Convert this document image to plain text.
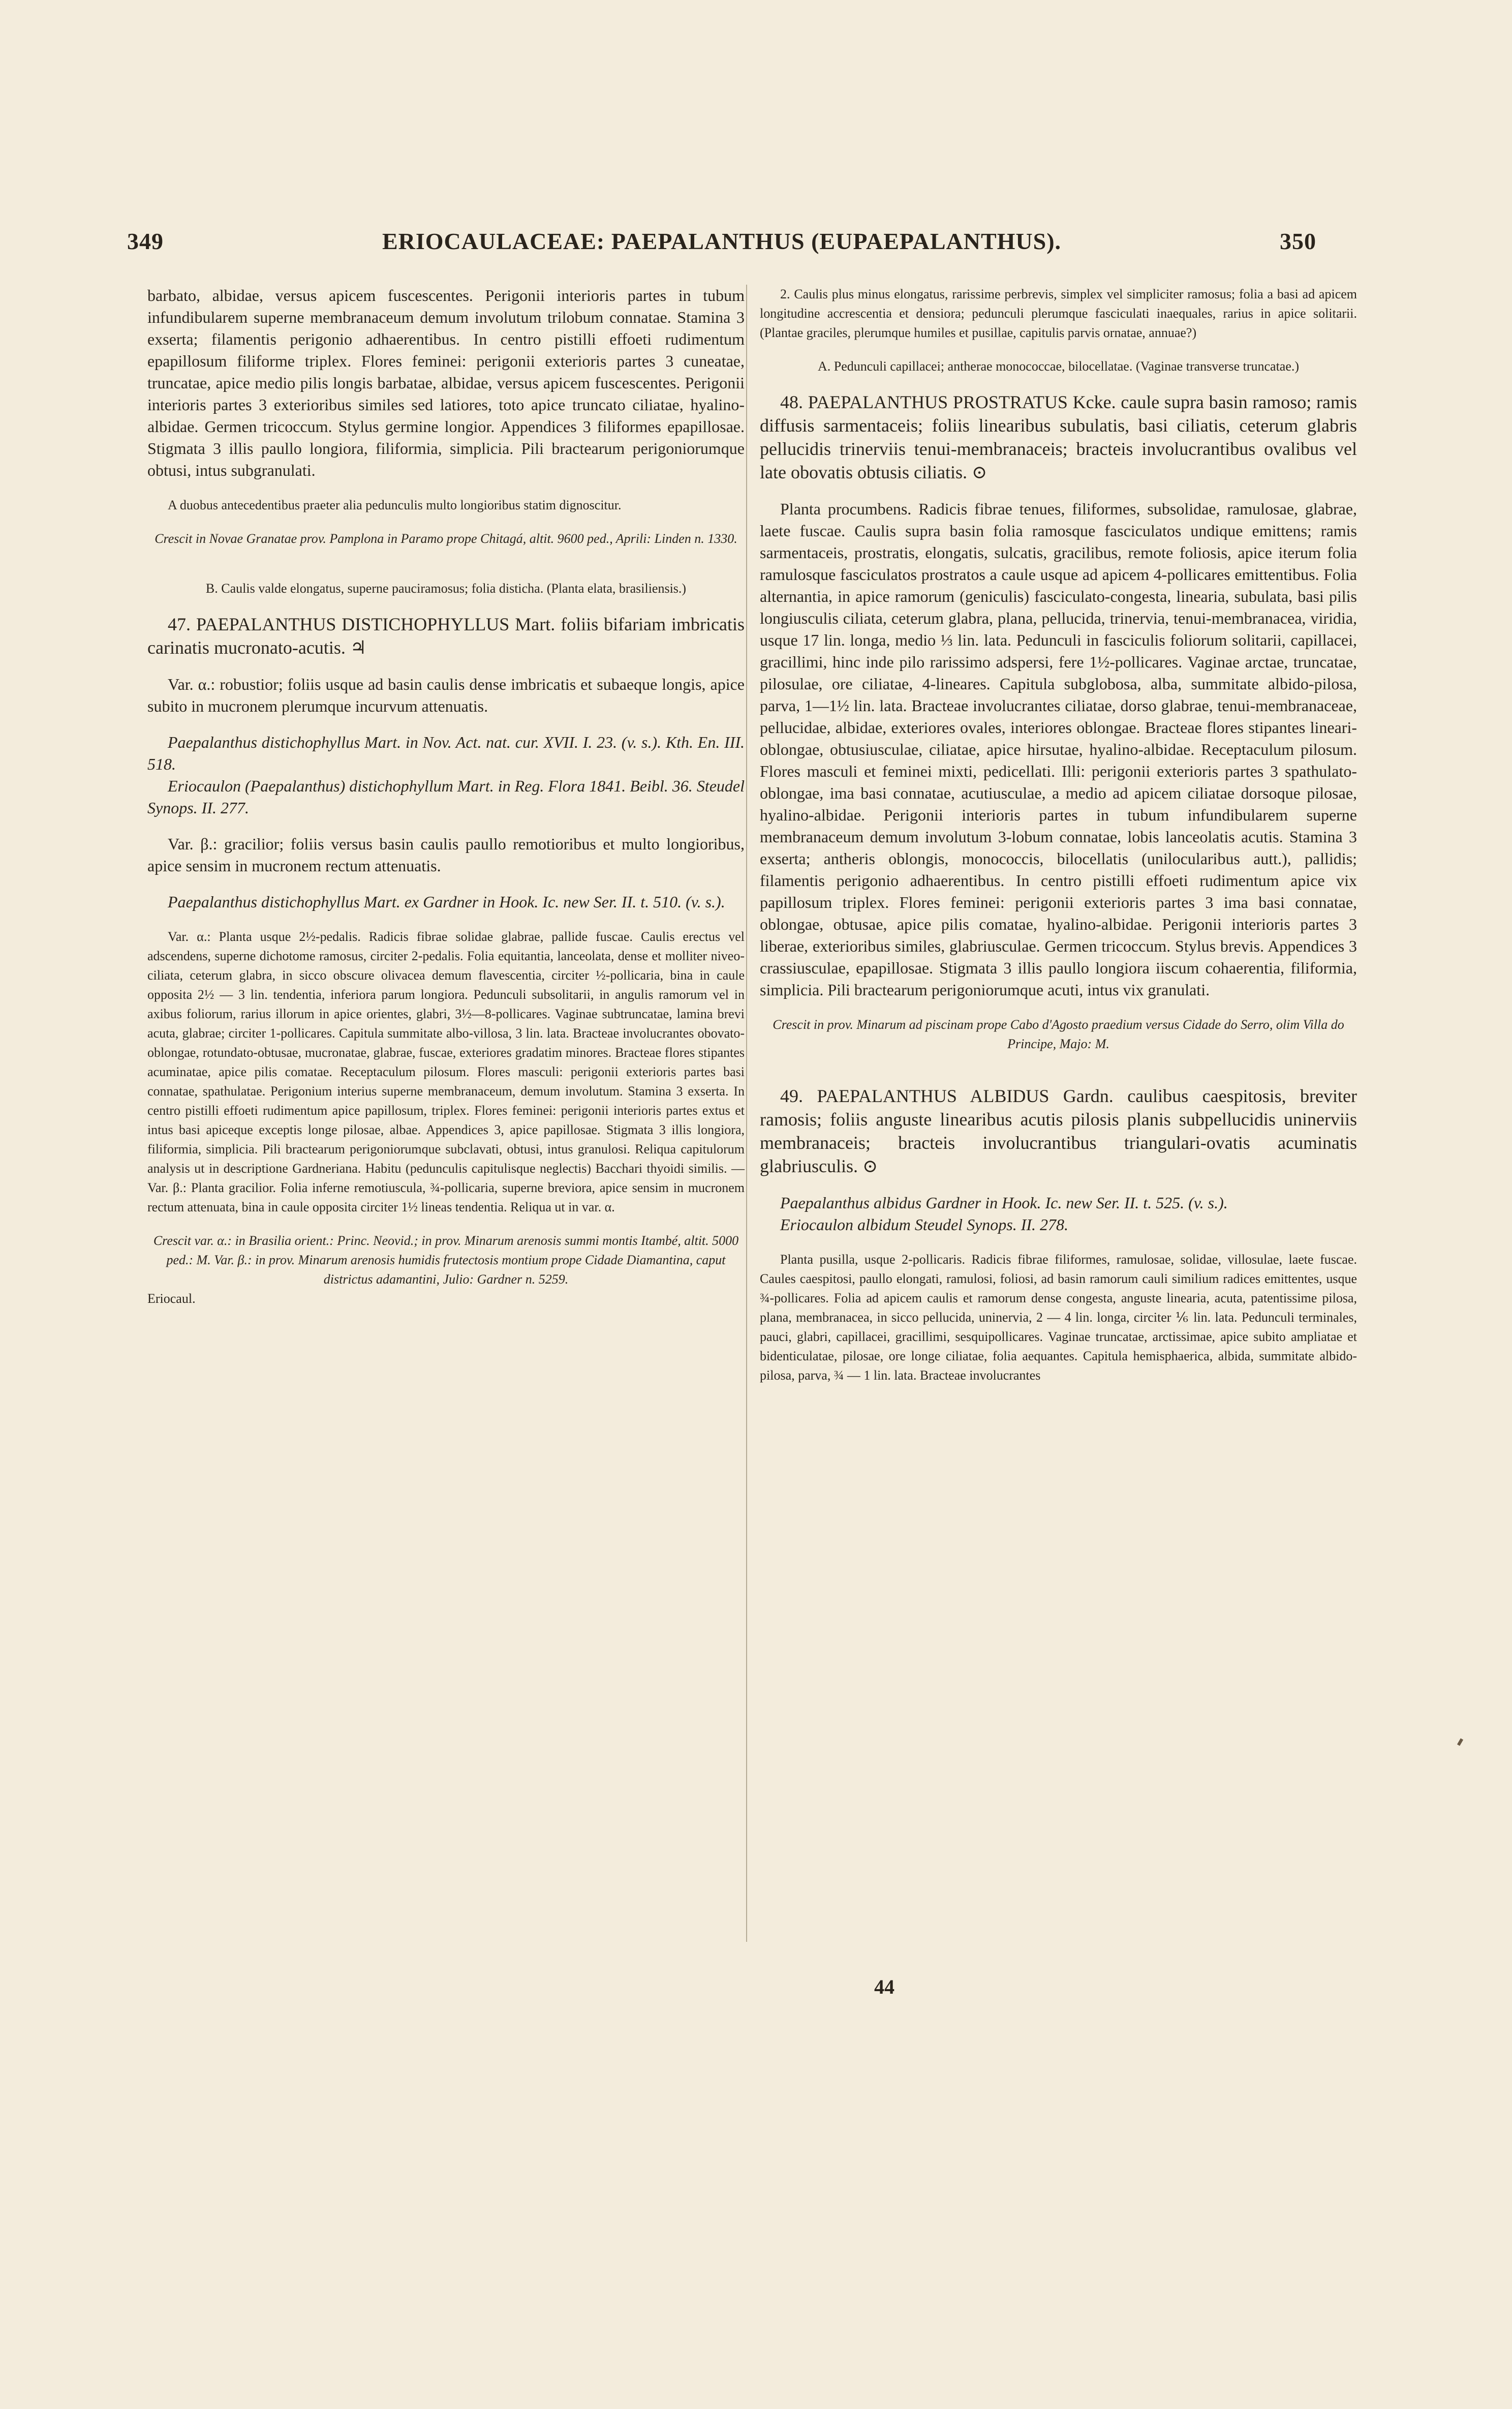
349	ERIOCAULACEAE: PAEPALANTHUS (EUPAEPALANTHUS).	350

barbato, albidae, versus apicem fuscescentes. Perigonii interioris partes in tubum infundibularem superne membranaceum demum involutum trilobum connatae. Stamina 3 exserta; filamentis perigonio adhaerentibus. In centro pistilli effoeti rudimentum epapillosum filiforme triplex. Flores feminei: perigonii exterioris partes 3 cuneatae, truncatae, apice medio pilis longis barbatae, albidae, versus apicem fuscescentes. Perigonii interioris partes 3 exterioribus similes sed latiores, toto apice truncato ciliatae, hyalino-albidae. Germen tricoccum. Stylus germine longior. Appendices 3 filiformes epapillosae. Stigmata 3 illis paullo longiora, filiformia, simplicia. Pili bractearum perigoniorumque obtusi, intus subgranulati.

A duobus antecedentibus praeter alia pedunculis multo longioribus statim dignoscitur.

Crescit in Novae Granatae prov. Pamplona in Paramo prope Chitagá, altit. 9600 ped., Aprili: Linden n. 1330.

B. Caulis valde elongatus, superne pauciramosus; folia disticha. (Planta elata, brasiliensis.)

47. PAEPALANTHUS DISTICHOPHYLLUS Mart. foliis bifariam imbricatis carinatis mucronato-acutis. ♃

Var. α.: robustior; foliis usque ad basin caulis dense imbricatis et subaeque longis, apice subito in mucronem plerumque incurvum attenuatis.

Paepalanthus distichophyllus Mart. in Nov. Act. nat. cur. XVII. I. 23. (v. s.). Kth. En. III. 518.

Eriocaulon (Paepalanthus) distichophyllum Mart. in Reg. Flora 1841. Beibl. 36. Steudel Synops. II. 277.

Var. β.: gracilior; foliis versus basin caulis paullo remotioribus et multo longioribus, apice sensim in mucronem rectum attenuatis.

Paepalanthus distichophyllus Mart. ex Gardner in Hook. Ic. new Ser. II. t. 510. (v. s.).

Var. α.: Planta usque 2½-pedalis. Radicis fibrae solidae glabrae, pallide fuscae. Caulis erectus vel adscendens, superne dichotome ramosus, circiter 2-pedalis. Folia equitantia, lanceolata, dense et molliter niveo-ciliata, ceterum glabra, in sicco obscure olivacea demum flavescentia, circiter ½-pollicaria, bina in caule opposita 2½ — 3 lin. tendentia, inferiora parum longiora. Pedunculi subsolitarii, in angulis ramorum vel in axibus foliorum, rarius illorum in apice orientes, glabri, 3½—8-pollicares. Vaginae subtruncatae, lamina brevi acuta, glabrae; circiter 1-pollicares. Capitula summitate albo-villosa, 3 lin. lata. Bracteae involucrantes obovato-oblongae, rotundato-obtusae, mucronatae, glabrae, fuscae, exteriores gradatim minores. Bracteae flores stipantes acuminatae, apice pilis comatae. Receptaculum pilosum. Flores masculi: perigonii exterioris partes basi connatae, spathulatae. Perigonium interius superne membranaceum, demum involutum. Stamina 3 exserta. In centro pistilli effoeti rudimentum apice papillosum, triplex. Flores feminei: perigonii interioris partes extus et intus basi apiceque exceptis longe pilosae, albae. Appendices 3, apice papillosae. Stigmata 3 illis longiora, filiformia, simplicia. Pili bractearum perigoniorumque subclavati, obtusi, intus granulosi. Reliqua capitulorum analysis ut in descriptione Gardneriana. Habitu (pedunculis capitulisque neglectis) Bacchari thyoidi similis. — Var. β.: Planta gracilior. Folia inferne remotiuscula, ¾-pollicaria, superne breviora, apice sensim in mucronem rectum attenuata, bina in caule opposita circiter 1½ lineas tendentia. Reliqua ut in var. α.

Crescit var. α.: in Brasilia orient.: Princ. Neovid.; in prov. Minarum arenosis summi montis Itambé, altit. 5000 ped.: M. Var. β.: in prov. Minarum arenosis humidis frutectosis montium prope Cidade Diamantina, caput districtus adamantini, Julio: Gardner n. 5259.

Eriocaul.

2. Caulis plus minus elongatus, rarissime perbrevis, simplex vel simpliciter ramosus; folia a basi ad apicem longitudine accrescentia et densiora; pedunculi plerumque fasciculati inaequales, rarius in apice solitarii. (Plantae graciles, plerumque humiles et pusillae, capitulis parvis ornatae, annuae?)

A. Pedunculi capillacei; antherae monococcae, bilocellatae. (Vaginae transverse truncatae.)

48. PAEPALANTHUS PROSTRATUS Kcke. caule supra basin ramoso; ramis diffusis sarmentaceis; foliis linearibus subulatis, basi ciliatis, ceterum glabris pellucidis trinerviis tenui-membranaceis; bracteis involucrantibus ovalibus vel late obovatis obtusis ciliatis. ⊙

Planta procumbens. Radicis fibrae tenues, filiformes, subsolidae, ramulosae, glabrae, laete fuscae. Caulis supra basin folia ramosque fasciculatos undique emittens; ramis sarmentaceis, prostratis, elongatis, sulcatis, gracilibus, remote foliosis, apice iterum folia ramulosque fasciculatos prostratos a caule usque ad apicem 4-pollicares emittentibus. Folia alternantia, in apice ramorum (geniculis) fasciculato-congesta, linearia, subulata, basi pilis longiusculis ciliata, ceterum glabra, plana, pellucida, trinervia, tenui-membranacea, viridia, usque 17 lin. longa, medio ⅓ lin. lata. Pedunculi in fasciculis foliorum solitarii, capillacei, gracillimi, hinc inde pilo rarissimo adspersi, fere 1½-pollicares. Vaginae arctae, truncatae, pilosulae, ore ciliatae, 4-lineares. Capitula subglobosa, alba, summitate albido-pilosa, parva, 1—1½ lin. lata. Bracteae involucrantes ciliatae, dorso glabrae, tenui-membranaceae, pellucidae, albidae, exteriores ovales, interiores oblongae. Bracteae flores stipantes lineari-oblongae, obtusiusculae, ciliatae, apice hirsutae, hyalino-albidae. Receptaculum pilosum. Flores masculi et feminei mixti, pedicellati. Illi: perigonii exterioris partes 3 spathulato-oblongae, ima basi connatae, acutiusculae, a medio ad apicem ciliatae dorsoque pilosae, hyalino-albidae. Perigonii interioris partes in tubum infundibularem superne membranaceum demum involutum 3-lobum connatae, lobis lanceolatis acutis. Stamina 3 exserta; antheris oblongis, monococcis, bilocellatis (unilocularibus autt.), pallidis; filamentis perigonio adhaerentibus. In centro pistilli effoeti rudimentum apice vix papillosum triplex. Flores feminei: perigonii exterioris partes 3 ima basi connatae, oblongae, obtusae, apice pilis comatae, hyalino-albidae. Perigonii interioris partes 3 liberae, exterioribus similes, glabriusculae. Germen tricoccum. Stylus brevis. Appendices 3 crassiusculae, epapillosae. Stigmata 3 illis paullo longiora iiscum cohaerentia, filiformia, simplicia. Pili bractearum perigoniorumque acuti, intus vix granulati.

Crescit in prov. Minarum ad piscinam prope Cabo d'Agosto praedium versus Cidade do Serro, olim Villa do Principe, Majo: M.

49. PAEPALANTHUS ALBIDUS Gardn. caulibus caespitosis, breviter ramosis; foliis anguste linearibus acutis pilosis planis subpellucidis uninerviis membranaceis; bracteis involucrantibus triangulari-ovatis acuminatis glabriusculis. ⊙

Paepalanthus albidus Gardner in Hook. Ic. new Ser. II. t. 525. (v. s.).

Eriocaulon albidum Steudel Synops. II. 278.

Planta pusilla, usque 2-pollicaris. Radicis fibrae filiformes, ramulosae, solidae, villosulae, laete fuscae. Caules caespitosi, paullo elongati, ramulosi, foliosi, ad basin ramorum cauli similium radices emittentes, usque ¾-pollicares. Folia ad apicem caulis et ramorum dense congesta, anguste linearia, acuta, patentissime pilosa, plana, membranacea, in sicco pellucida, uninervia, 2 — 4 lin. longa, circiter ⅙ lin. lata. Pedunculi terminales, pauci, glabri, capillacei, gracillimi, sesquipollicares. Vaginae truncatae, arctissimae, apice subito ampliatae et bidenticulatae, pilosae, ore longe ciliatae, folia aequantes. Capitula hemisphaerica, albida, summitate albido-pilosa, parva, ¾ — 1 lin. lata. Bracteae involucrantes

44
